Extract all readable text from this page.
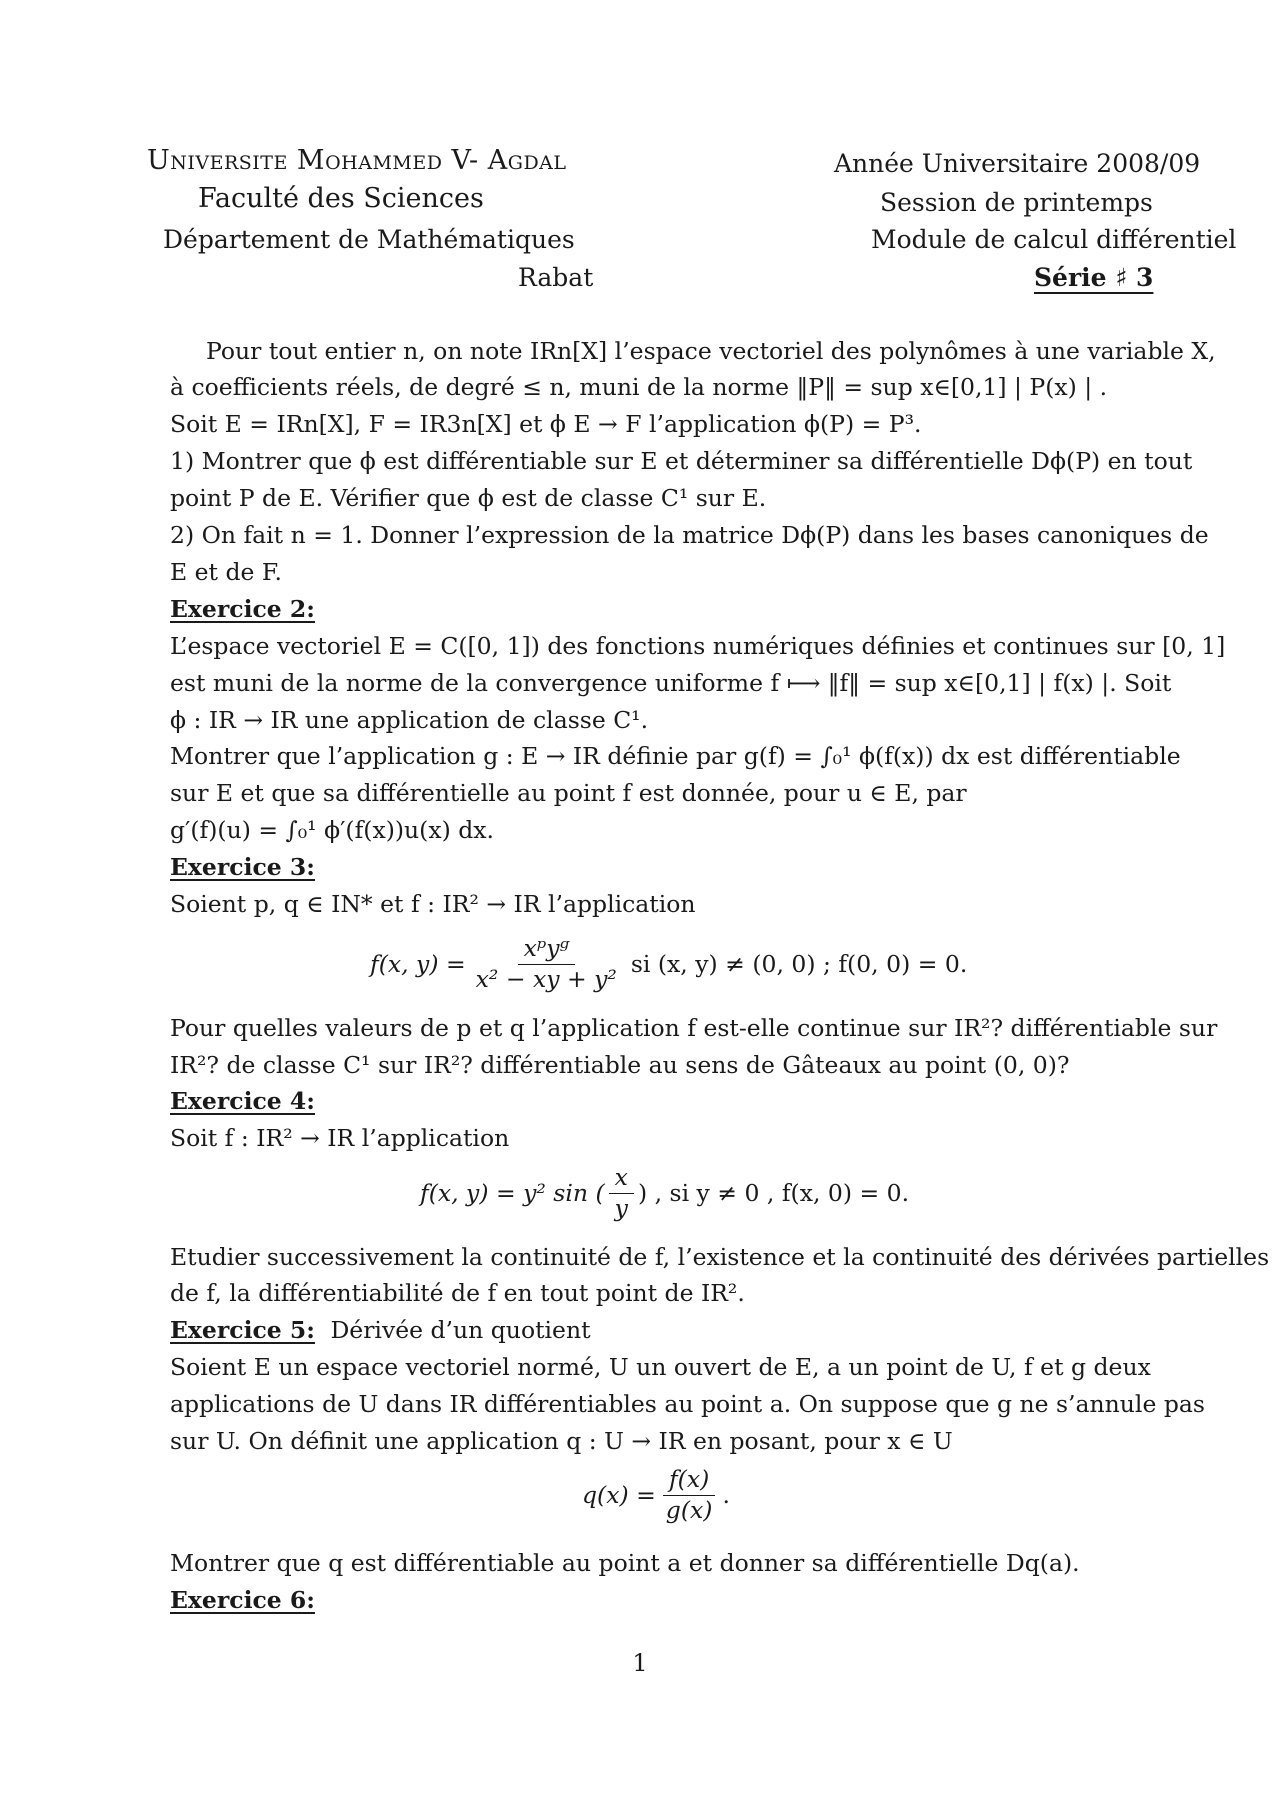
Universite Mohammed V- Agdal
Faculté des Sciences
Département de Mathématiques
Rabat
Année Universitaire 2008/09
Session de printemps
Module de calcul différentiel
Série ♯ 3
Pour tout entier n, on note IRn[X] l’espace vectoriel des polynômes à une variable X,
à coefficients réels, de degré ≤ n, muni de la norme ‖P‖ = sup x∈[0,1] | P(x) | .
Soit E = IRn[X], F = IR3n[X] et ϕ E → F l’application ϕ(P) = P³.
1) Montrer que ϕ est différentiable sur E et déterminer sa différentielle Dϕ(P) en tout
point P de E. Vérifier que ϕ est de classe C¹ sur E.
2) On fait n = 1. Donner l’expression de la matrice Dϕ(P) dans les bases canoniques de
E et de F.
Exercice 2:
L’espace vectoriel E = C([0, 1]) des fonctions numériques définies et continues sur [0, 1]
est muni de la norme de la convergence uniforme f ⟼ ‖f‖ = sup x∈[0,1] | f(x) |. Soit
ϕ : IR → IR une application de classe C¹.
Montrer que l’application g : E → IR définie par g(f) = ∫₀¹ ϕ(f(x)) dx est différentiable
sur E et que sa différentielle au point f est donnée, pour u ∈ E, par
g′(f)(u) = ∫₀¹ ϕ′(f(x))u(x) dx.
Exercice 3:
Soient p, q ∈ IN* et f : IR² → IR l’application
Pour quelles valeurs de p et q l’application f est-elle continue sur IR²? différentiable sur
IR²? de classe C¹ sur IR²? différentiable au sens de Gâteaux au point (0, 0)?
Exercice 4:
Soit f : IR² → IR l’application
Etudier successivement la continuité de f, l’existence et la continuité des dérivées partielles
de f, la différentiabilité de f en tout point de IR².
Exercice 5: Dérivée d’un quotient
Soient E un espace vectoriel normé, U un ouvert de E, a un point de U, f et g deux
applications de U dans IR différentiables au point a. On suppose que g ne s’annule pas
sur U. On définit une application q : U → IR en posant, pour x ∈ U
Montrer que q est différentiable au point a et donner sa différentielle Dq(a).
Exercice 6:
f(x, $y) = \frac{\text{xᵖyᵍ}}{\text{x² − xy + y²}}$ si (x, y) ≠ (0, 0) ; f(0, 0) = 0.
f(x, y) = y² sin ( $\frac{x}{y}$ ) , si y ≠ 0 , f(x, 0) = 0.
$q(x) = \frac{f(x)}{g(x)}$ .
1
